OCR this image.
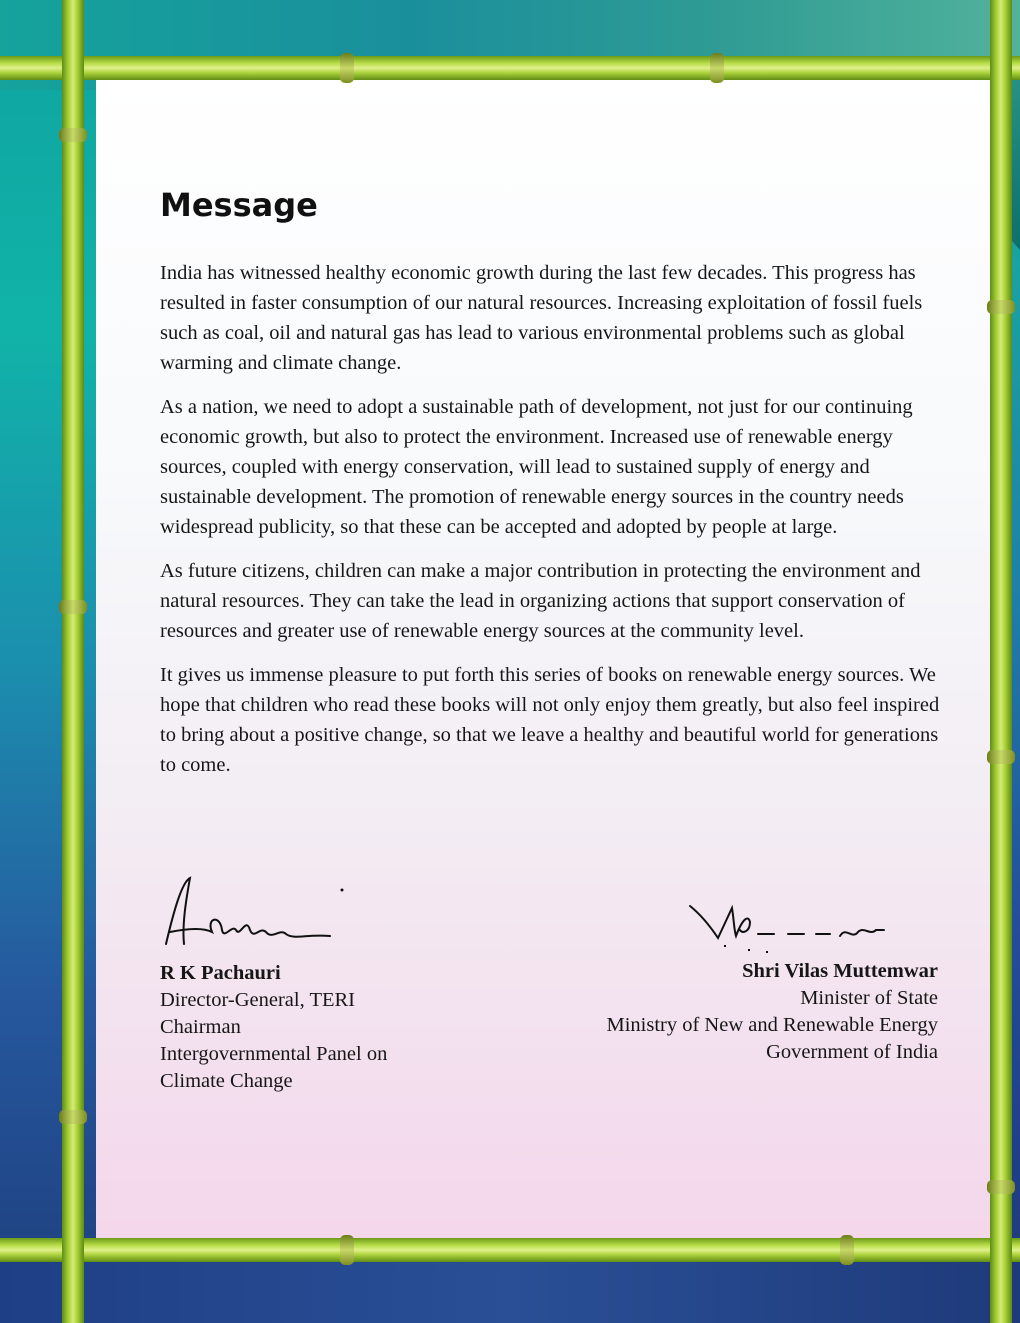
Message

India has witnessed healthy economic growth during the last few decades. This progress has resulted in faster consumption of our natural resources. Increasing exploitation of fossil fuels such as coal, oil and natural gas has lead to various environmental problems such as global warming and climate change.

As a nation, we need to adopt a sustainable path of development, not just for our continuing economic growth, but also to protect the environment. Increased use of renewable energy sources, coupled with energy conservation, will lead to sustained supply of energy and sustainable development. The promotion of renewable energy sources in the country needs widespread publicity, so that these can be accepted and adopted by people at large.

As future citizens, children can make a major contribution in protecting the environment and natural resources. They can take the lead in organizing actions that support conservation of resources and greater use of renewable energy sources at the community level.

It gives us immense pleasure to put forth this series of books on renewable energy sources. We hope that children who read these books will not only enjoy them greatly, but also feel inspired to bring about a positive change, so that we leave a healthy and beautiful world for generations to come.

R K Pachauri
Director-General, TERI
Chairman
Intergovernmental Panel on
Climate Change
Shri Vilas Muttemwar
Minister of State
Ministry of New and Renewable Energy
Government of India
